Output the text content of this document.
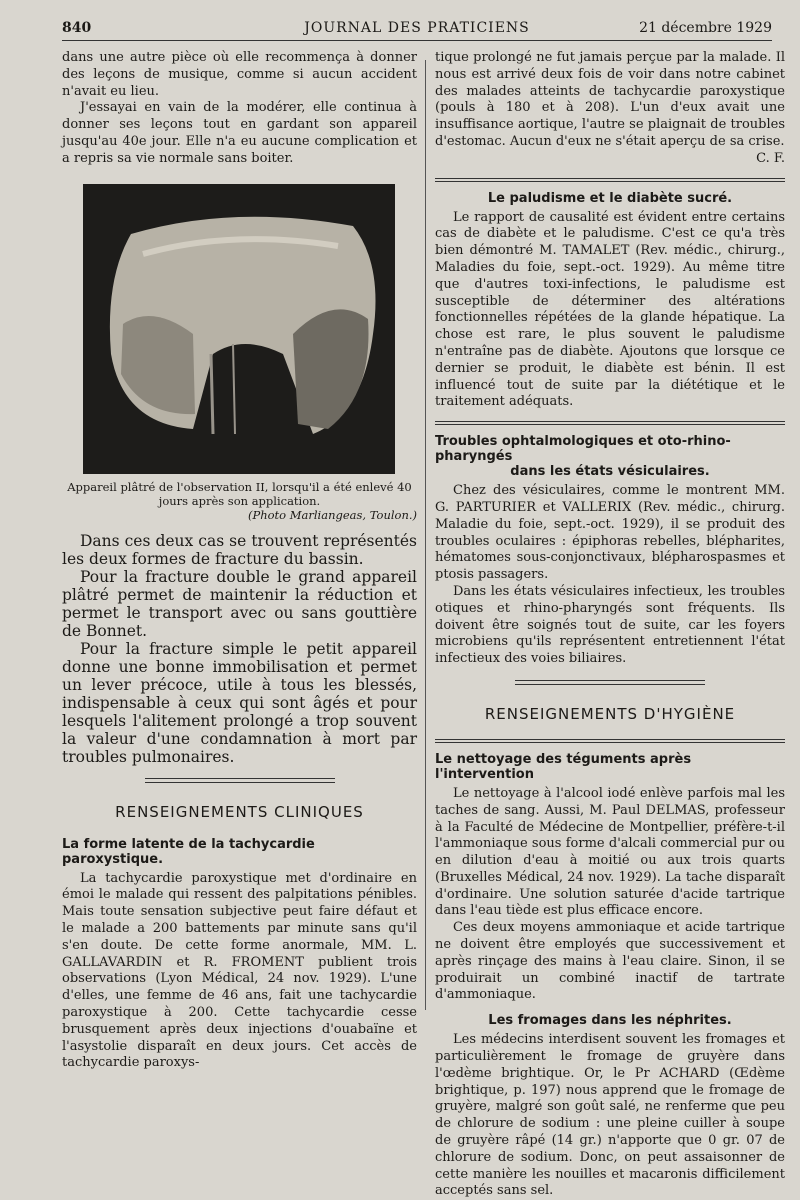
840	JOURNAL DES PRATICIENS	21 décembre 1929

dans une autre pièce où elle recommença à donner des leçons de musique, comme si aucun accident n'avait eu lieu.

J'essayai en vain de la modérer, elle continua à donner ses leçons tout en gardant son appareil jusqu'au 40e jour. Elle n'a eu aucune complication et a repris sa vie normale sans boiter.

Appareil plâtré de l'observation II, lorsqu'il a été enlevé 40 jours après son application.
(Photo Marliangeas, Toulon.)

Dans ces deux cas se trouvent représentés les deux formes de fracture du bassin.

Pour la fracture double le grand appareil plâtré permet de maintenir la réduction et permet le transport avec ou sans gouttière de Bonnet.

Pour la fracture simple le petit appareil donne une bonne immobilisation et permet un lever précoce, utile à tous les blessés, indispensable à ceux qui sont âgés et pour lesquels l'alitement prolongé a trop souvent la valeur d'une condamnation à mort par troubles pulmonaires.

RENSEIGNEMENTS CLINIQUES
La forme latente de la tachycardie paroxystique.

La tachycardie paroxystique met d'ordinaire en émoi le malade qui ressent des palpitations pénibles. Mais toute sensation subjective peut faire défaut et le malade a 200 battements par minute sans qu'il s'en doute. De cette forme anormale, MM. L. GALLAVARDIN et R. FROMENT publient trois observations (Lyon Médical, 24 nov. 1929). L'une d'elles, une femme de 46 ans, fait une tachycardie paroxystique à 200. Cette tachycardie cesse brusquement après deux injections d'ouabaïne et l'asystolie disparaît en deux jours. Cet accès de tachycardie paroxys-

tique prolongé ne fut jamais perçue par la malade. Il nous est arrivé deux fois de voir dans notre cabinet des malades atteints de tachycardie paroxystique (pouls à 180 et à 208). L'un d'eux avait une insuffisance aortique, l'autre se plaignait de troubles d'estomac. Aucun d'eux ne s'était aperçu de sa crise.

C. F.

Le paludisme et le diabète sucré.

Le rapport de causalité est évident entre certains cas de diabète et le paludisme. C'est ce qu'a très bien démontré M. TAMALET (Rev. médic., chirurg., Maladies du foie, sept.-oct. 1929). Au même titre que d'autres toxi-infections, le paludisme est susceptible de déterminer des altérations fonctionnelles répétées de la glande hépatique. La chose est rare, le plus souvent le paludisme n'entraîne pas de diabète. Ajoutons que lorsque ce dernier se produit, le diabète est bénin. Il est influencé tout de suite par la diététique et le traitement adéquats.

Troubles ophtalmologiques et oto-rhino-pharyngés
dans les états vésiculaires.

Chez des vésiculaires, comme le montrent MM. G. PARTURIER et VALLERIX (Rev. médic., chirurg. Maladie du foie, sept.-oct. 1929), il se produit des troubles oculaires : épiphoras rebelles, blépharites, hématomes sous-conjonctivaux, blépharospasmes et ptosis passagers.

Dans les états vésiculaires infectieux, les troubles otiques et rhino-pharyngés sont fréquents. Ils doivent être soignés tout de suite, car les foyers microbiens qu'ils représentent entretiennent l'état infectieux des voies biliaires.

RENSEIGNEMENTS D'HYGIÈNE
Le nettoyage des téguments après l'intervention

Le nettoyage à l'alcool iodé enlève parfois mal les taches de sang. Aussi, M. Paul DELMAS, professeur à la Faculté de Médecine de Montpellier, préfère-t-il l'ammoniaque sous forme d'alcali commercial pur ou en dilution d'eau à moitié ou aux trois quarts (Bruxelles Médical, 24 nov. 1929). La tache disparaît d'ordinaire. Une solution saturée d'acide tartrique dans l'eau tiède est plus efficace encore.

Ces deux moyens ammoniaque et acide tartrique ne doivent être employés que successivement et après rinçage des mains à l'eau claire. Sinon, il se produirait un combiné inactif de tartrate d'ammoniaque.

Les fromages dans les néphrites.

Les médecins interdisent souvent les fromages et particulièrement le fromage de gruyère dans l'œdème brightique. Or, le Pr ACHARD (Œdème brightique, p. 197) nous apprend que le fromage de gruyère, malgré son goût salé, ne renferme que peu de chlorure de sodium : une pleine cuiller à soupe de gruyère râpé (14 gr.) n'apporte que 0 gr. 07 de chlorure de sodium. Donc, on peut assaisonner de cette manière les nouilles et macaronis difficilement acceptés sans sel.
